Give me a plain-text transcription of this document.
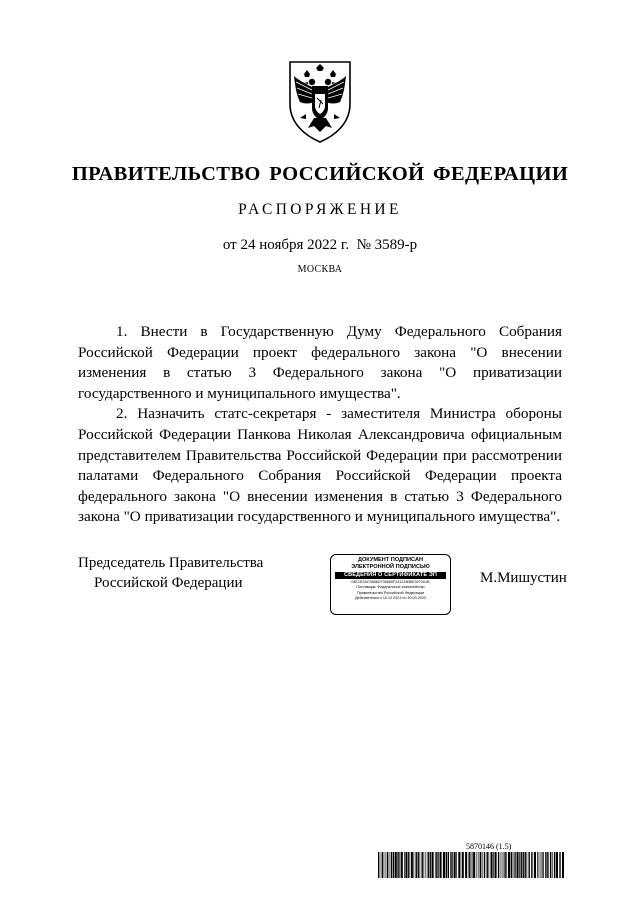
ПРАВИТЕЛЬСТВО РОССИЙСКОЙ ФЕДЕРАЦИИ
РАСПОРЯЖЕНИЕ
от 24 ноября 2022 г. № 3589-р
МОСКВА

1. Внести в Государственную Думу Федерального Собрания Российской Федерации проект федерального закона "О внесении изменения в статью 3 Федерального закона "О приватизации государственного и муниципального имущества".

2. Назначить статс-секретаря - заместителя Министра обороны Российской Федерации Панкова Николая Александровича официальным представителем Правительства Российской Федерации при рассмотрении палатами Федерального Собрания Российской Федерации проекта федерального закона "О внесении изменения в статью 3 Федерального закона "О приватизации государственного и муниципального имущества".

Председатель Правительства
Российской Федерации
ДОКУМЕНТ ПОДПИСАН
ЭЛЕКТРОННОЙ ПОДПИСЬЮ
СВЕДЕНИЯ О СЕРТИФИКАТЕ ЭП
04E1E2AC9486CF30680F2312180BE3972A1B
Поставщик: Федеральное казначейство
Правительство Российской Федерации
Действителен с 10.12.2021 по 10.03.2023
М.Мишустин
5870146 (1.5)
